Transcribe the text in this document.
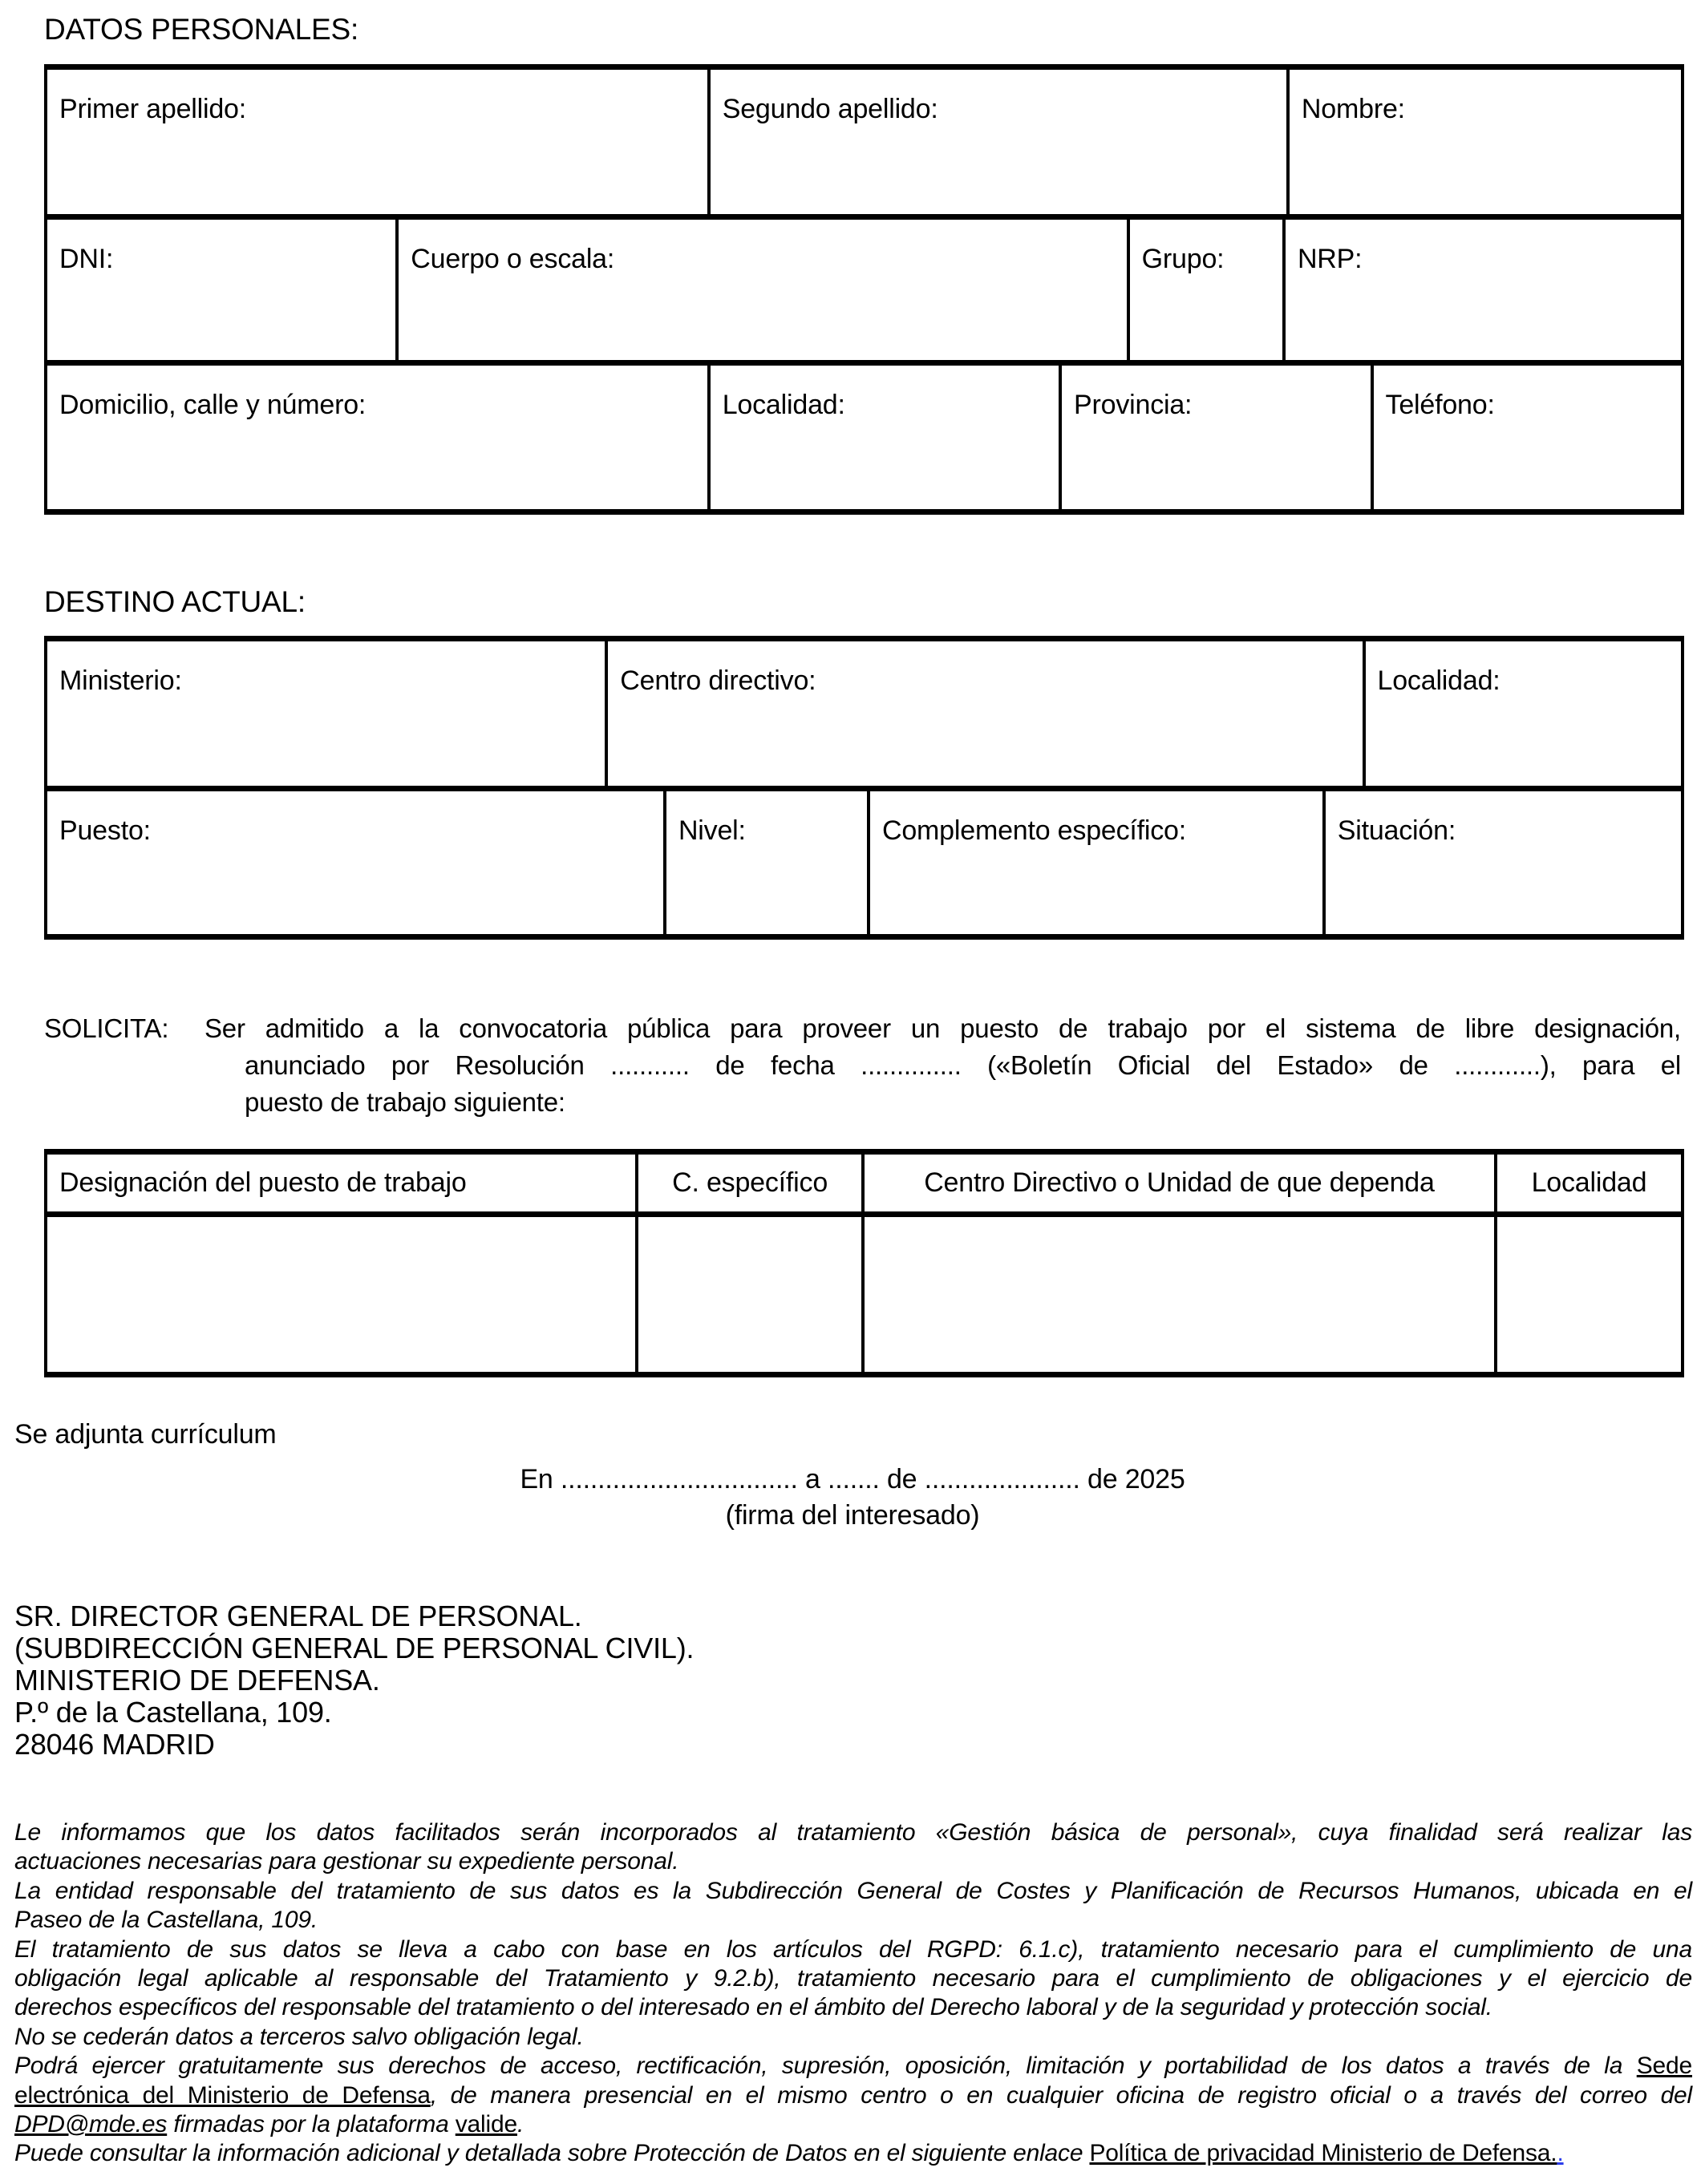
DATOS PERSONALES:
Primer apellido:	Segundo apellido:	Nombre:
DNI:	Cuerpo o escala:	Grupo:	NRP:
Domicilio, calle y número:	Localidad:	Provincia:	Teléfono:
DESTINO ACTUAL:
Ministerio:	Centro directivo:	Localidad:
Puesto:	Nivel:	Complemento específico:	Situación:
SOLICITA:	Ser admitido a la convocatoria pública para proveer un puesto de trabajo por el sistema de libre designación,
anunciado por Resolución ........... de fecha .............. («Boletín Oficial del Estado» de ............), para el
puesto de trabajo siguiente:
Designación del puesto de trabajo	C. específico	Centro Directivo o Unidad de que dependa	Localidad
Se adjunta currículum
En ................................ a ....... de ..................... de 2025
(firma del interesado)
SR. DIRECTOR GENERAL DE PERSONAL.
(SUBDIRECCIÓN GENERAL DE PERSONAL CIVIL).
MINISTERIO DE DEFENSA.
P.º de la Castellana, 109.
28046 MADRID
Le informamos que los datos facilitados serán incorporados al tratamiento «Gestión básica de personal», cuya finalidad será realizar las
actuaciones necesarias para gestionar su expediente personal.
La entidad responsable del tratamiento de sus datos es la Subdirección General de Costes y Planificación de Recursos Humanos, ubicada en el
Paseo de la Castellana, 109.
El tratamiento de sus datos se lleva a cabo con base en los artículos del RGPD: 6.1.c), tratamiento necesario para el cumplimiento de una
obligación legal aplicable al responsable del Tratamiento y 9.2.b), tratamiento necesario para el cumplimiento de obligaciones y el ejercicio de
derechos específicos del responsable del tratamiento o del interesado en el ámbito del Derecho laboral y de la seguridad y protección social.
No se cederán datos a terceros salvo obligación legal.
Podrá ejercer gratuitamente sus derechos de acceso, rectificación, supresión, oposición, limitación y portabilidad de los datos a través de la Sede
electrónica del Ministerio de Defensa, de manera presencial en el mismo centro o en cualquier oficina de registro oficial o a través del correo del
DPD@mde.es firmadas por la plataforma valide.
Puede consultar la información adicional y detallada sobre Protección de Datos en el siguiente enlace Política de privacidad Ministerio de Defensa..
